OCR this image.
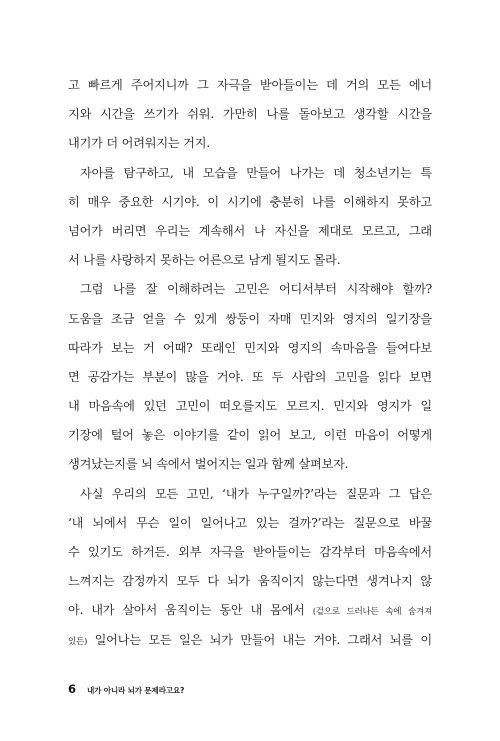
고 빠르게 주어지니까 그 자극을 받아들이는 데 거의 모든 에너
지와 시간을 쓰기가 쉬워. 가만히 나를 돌아보고 생각할 시간을
내기가 더 어려워지는 거지.

자아를 탐구하고, 내 모습을 만들어 나가는 데 청소년기는 특
히 매우 중요한 시기야. 이 시기에 충분히 나를 이해하지 못하고
넘어가 버리면 우리는 계속해서 나 자신을 제대로 모르고, 그래
서 나를 사랑하지 못하는 어른으로 남게 될지도 몰라.

그럼 나를 잘 이해하려는 고민은 어디서부터 시작해야 할까?
도움을 조금 얻을 수 있게 쌍둥이 자매 민지와 영지의 일기장을
따라가 보는 거 어때? 또래인 민지와 영지의 속마음을 들여다보
면 공감가는 부분이 많을 거야. 또 두 사람의 고민을 읽다 보면
내 마음속에 있던 고민이 떠오를지도 모르지. 민지와 영지가 일
기장에 털어 놓은 이야기를 같이 읽어 보고, 이런 마음이 어떻게
생겨났는지를 뇌 속에서 벌어지는 일과 함께 살펴보자.

사실 우리의 모든 고민, ‘내가 누구일까?’라는 질문과 그 답은
‘내 뇌에서 무슨 일이 일어나고 있는 걸까?’라는 질문으로 바꿀
수 있기도 하거든. 외부 자극을 받아들이는 감각부터 마음속에서
느껴지는 감정까지 모두 다 뇌가 움직이지 않는다면 생겨나지 않
아. 내가 살아서 움직이는 동안 내 몸에서 (겉으로 드러나든 속에 숨겨져
있든) 일어나는 모든 일은 뇌가 만들어 내는 거야. 그래서 뇌를 이

6 내가 아니라 뇌가 문제라고요?
